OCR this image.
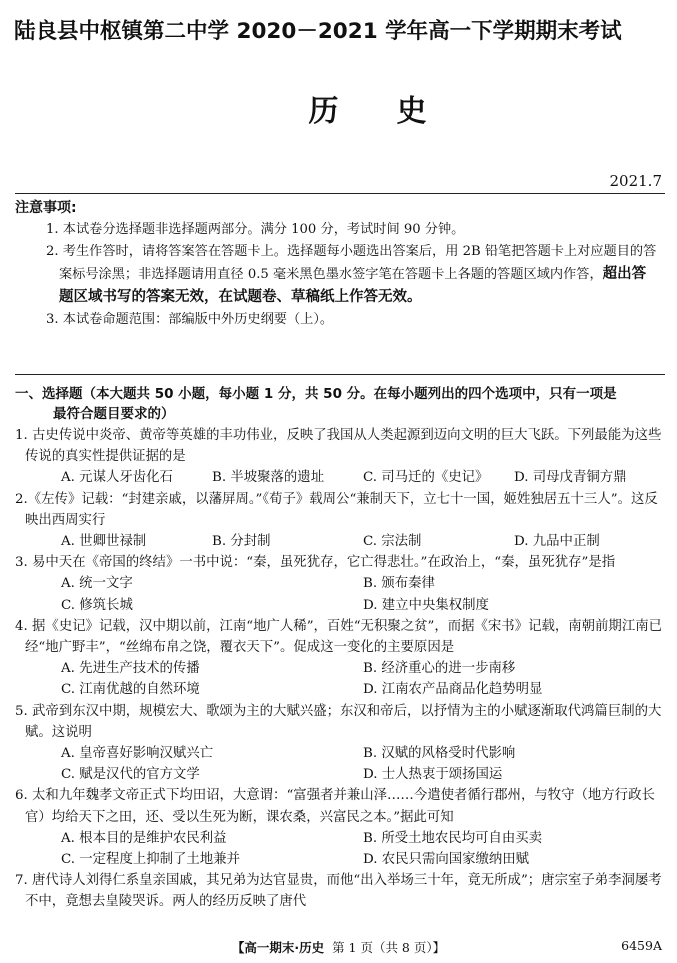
陆良县中枢镇第二中学 2020－2021 学年高一下学期期末考试
历史
2021.7
注意事项:

1. 本试卷分选择题非选择题两部分。满分 100 分，考试时间 90 分钟。

2. 考生作答时，请将答案答在答题卡上。选择题每小题选出答案后，用 2B 铅笔把答题卡上对应题目的答案标号涂黑；非选择题请用直径 0.5 毫米黑色墨水签字笔在答题卡上各题的答题区域内作答，超出答题区域书写的答案无效，在试题卷、草稿纸上作答无效。

3. 本试卷命题范围：部编版中外历史纲要（上）。

一、选择题（本大题共 50 小题，每小题 1 分，共 50 分。在每小题列出的四个选项中，只有一项是
最符合题目要求的）
1. 古史传说中炎帝、黄帝等英雄的丰功伟业，反映了我国从人类起源到迈向文明的巨大飞跃。下列最能为这些传说的真实性提供证据的是
A. 元谋人牙齿化石	B. 半坡聚落的遗址	C. 司马迁的《史记》	D. 司母戊青铜方鼎
2.《左传》记载：“封建亲戚，以藩屏周。”《荀子》载周公“兼制天下，立七十一国，姬姓独居五十三人”。这反映出西周实行
A. 世卿世禄制	B. 分封制	C. 宗法制	D. 九品中正制
3. 易中天在《帝国的终结》一书中说：“秦，虽死犹存，它亡得悲壮。”在政治上，“秦，虽死犹存”是指
A. 统一文字	B. 颁布秦律
C. 修筑长城	D. 建立中央集权制度
4. 据《史记》记载，汉中期以前，江南“地广人稀”，百姓“无积聚之贫”，而据《宋书》记载，南朝前期江南已经“地广野丰”，“丝绵布帛之饶，覆衣天下”。促成这一变化的主要原因是
A. 先进生产技术的传播	B. 经济重心的进一步南移
C. 江南优越的自然环境	D. 江南农产品商品化趋势明显
5. 武帝到东汉中期，规模宏大、歌颂为主的大赋兴盛；东汉和帝后，以抒情为主的小赋逐渐取代鸿篇巨制的大赋。这说明
A. 皇帝喜好影响汉赋兴亡	B. 汉赋的风格受时代影响
C. 赋是汉代的官方文学	D. 士人热衷于颂扬国运
6. 太和九年魏孝文帝正式下均田诏，大意谓：“富强者并兼山泽……今遣使者循行郡州，与牧守（地方行政长官）均给天下之田，还、受以生死为断，课农桑，兴富民之本。”据此可知
A. 根本目的是维护农民利益	B. 所受土地农民均可自由买卖
C. 一定程度上抑制了土地兼并	D. 农民只需向国家缴纳田赋
7. 唐代诗人刘得仁系皇亲国戚，其兄弟为达官显贵，而他“出入举场三十年，竟无所成”；唐宗室子弟李洞屡考不中，竟想去皇陵哭诉。两人的经历反映了唐代
【高一期末·历史 第 1 页（共 8 页）】	6459A
